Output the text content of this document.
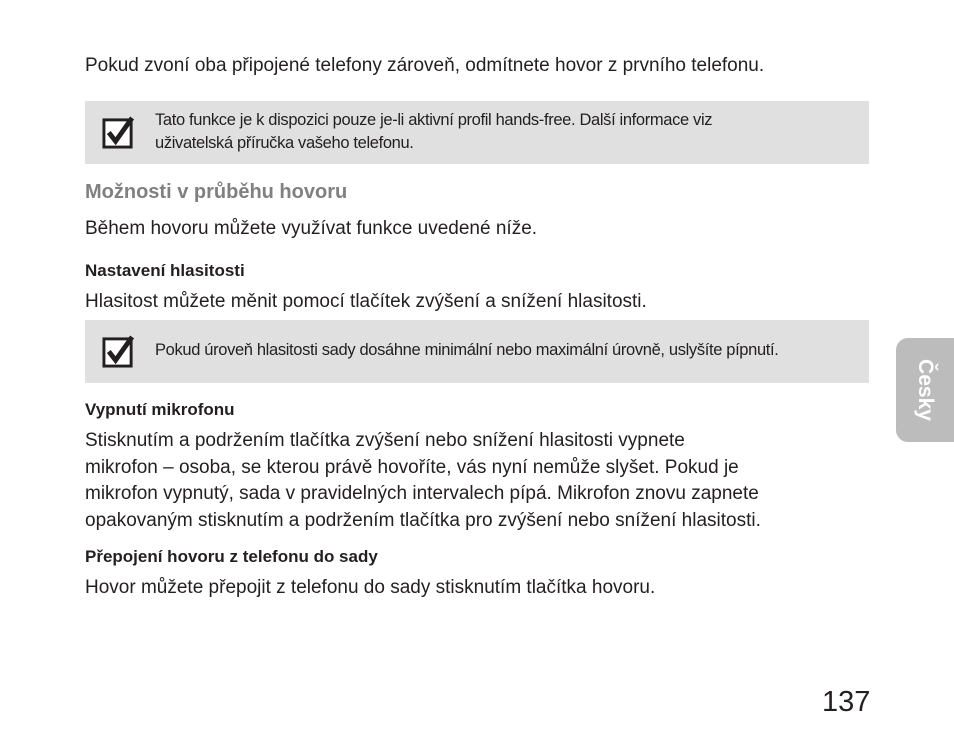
Pokud zvoní oba připojené telefony zároveň, odmítnete hovor z prvního telefonu.

Tato funkce je k dispozici pouze je-li aktivní profil hands-free. Další informace viz
uživatelská příručka vašeho telefonu.
Možnosti v průběhu hovoru

Během hovoru můžete využívat funkce uvedené níže.

Nastavení hlasitosti

Hlasitost můžete měnit pomocí tlačítek zvýšení a snížení hlasitosti.

Pokud úroveň hlasitosti sady dosáhne minimální nebo maximální úrovně, uslyšíte pípnutí.
Vypnutí mikrofonu

Stisknutím a podržením tlačítka zvýšení nebo snížení hlasitosti vypnete

mikrofon – osoba, se kterou právě hovoříte, vás nyní nemůže slyšet. Pokud je

mikrofon vypnutý, sada v pravidelných intervalech pípá. Mikrofon znovu zapnete

opakovaným stisknutím a podržením tlačítka pro zvýšení nebo snížení hlasitosti.

Přepojení hovoru z telefonu do sady

Hovor můžete přepojit z telefonu do sady stisknutím tlačítka hovoru.

Česky
137
